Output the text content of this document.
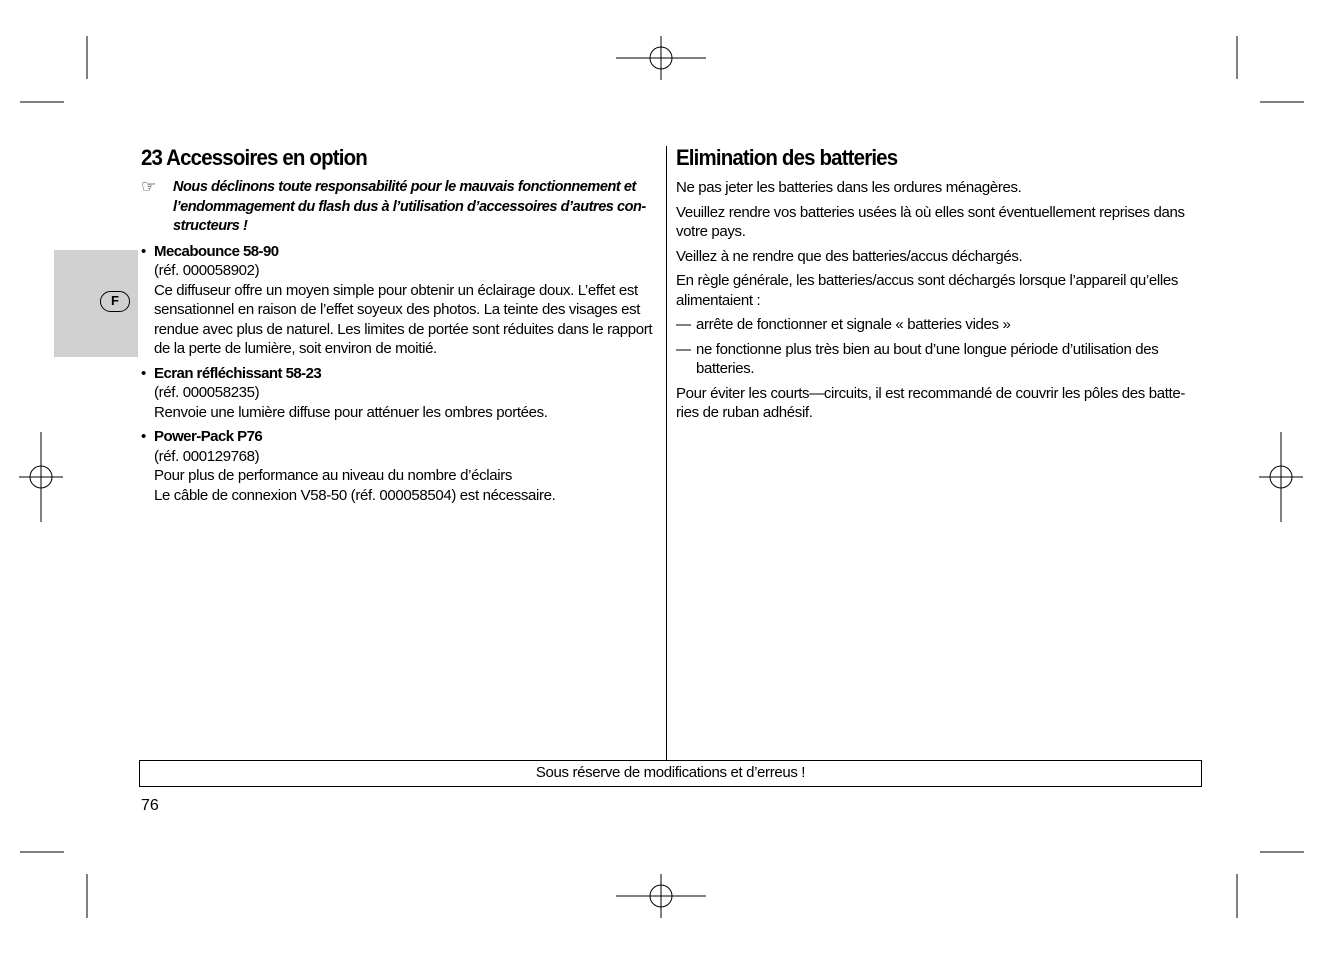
F
23 Accessoires en option
☞ Nous déclinons toute responsabilité pour le mauvais fonctionnement et l’endommagement du flash dus à l’utilisation d’accessoires d’autres con-structeurs !
• Mecabounce 58-90
(réf. 000058902)
Ce diffuseur offre un moyen simple pour obtenir un éclairage doux. L’effet est sensationnel en raison de l’effet soyeux des photos. La teinte des visages est rendue avec plus de naturel. Les limites de portée sont réduites dans le rapport de la perte de lumière, soit environ de moitié.
• Ecran réfléchissant 58-23
(réf. 000058235)
Renvoie une lumière diffuse pour atténuer les ombres portées.
• Power-Pack P76
(réf. 000129768)
Pour plus de performance au niveau du nombre d’éclairs
Le câble de connexion V58-50 (réf. 000058504) est nécessaire.
Elimination des batteries

Ne pas jeter les batteries dans les ordures ménagères.

Veuillez rendre vos batteries usées là où elles sont éventuellement reprises dans votre pays.

Veillez à ne rendre que des batteries/accus déchargés.

En règle générale, les batteries/accus sont déchargés lorsque l’appareil qu’elles alimentaient :

— arrête de fonctionner et signale « batteries vides »
— ne fonctionne plus très bien au bout d’une longue période d’utilisation des batteries.

Pour éviter les courts—circuits, il est recommandé de couvrir les pôles des batte-ries de ruban adhésif.

Sous réserve de modifications et d’erreus !
76
